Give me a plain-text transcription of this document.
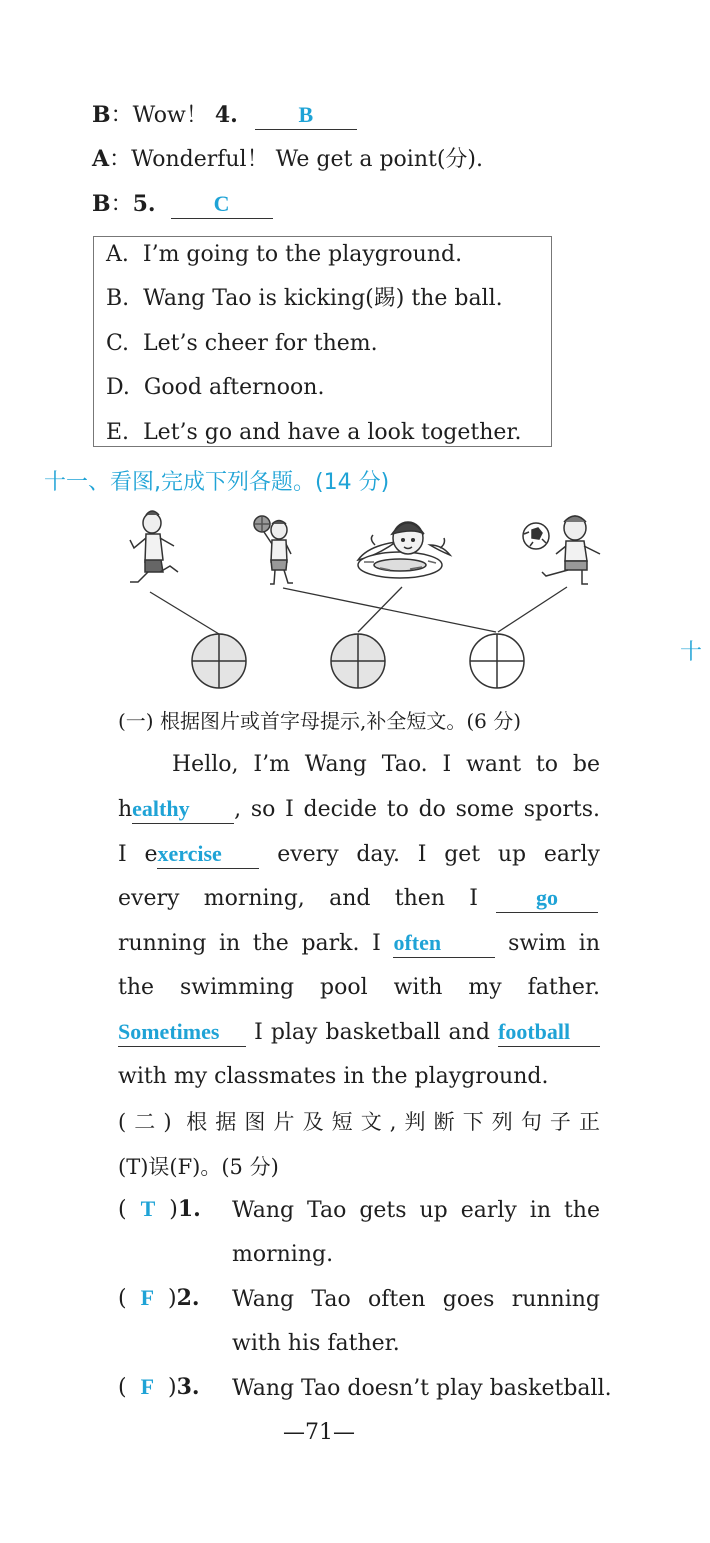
B：Wow！ 4.	B
A：Wonderful！ We get a point(分).
B：5.	C
A. I’m going to the playground.
B. Wang Tao is kicking(踢) the ball.
C. Let’s cheer for them.
D. Good afternoon.
E. Let’s go and have a look together.
十一、看图,完成下列各题。(14 分)
十
(一) 根据图片或首字母提示,补全短文。(6 分)
Hello, I’m Wang Tao. I want to be
healthy , so I decide to do some sports.
I exercise	every day. I get up early
every morning, and then I	go
running in the park. I often	swim in
the swimming pool with my father.
Sometimes I play basketball and football
with my classmates in the playground.
(二) 根据图片及短文,判断下列句子正
(T)误(F)。(5 分)
(  T  )1. Wang Tao gets up early in the
morning.
(  F  )2. Wang Tao often goes running
with his father.
(  F  )3. Wang Tao doesn’t play basketball.
—71—
